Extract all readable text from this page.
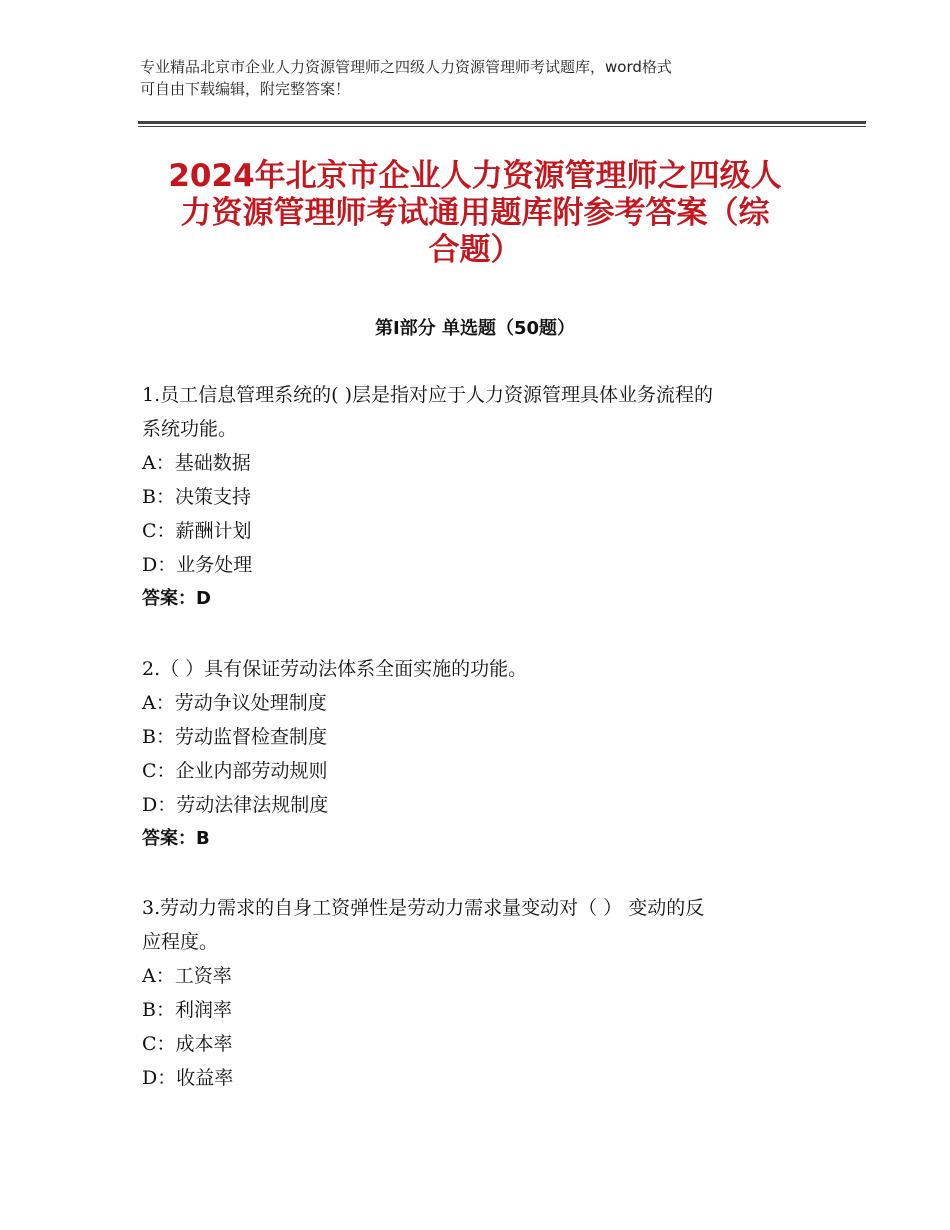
专业精品北京市企业人力资源管理师之四级人力资源管理师考试题库，word格式
可自由下载编辑，附完整答案！
2024年北京市企业人力资源管理师之四级人
力资源管理师考试通用题库附参考答案（综
合题）
第Ⅰ部分 单选题（50题）
1.员工信息管理系统的( )层是指对应于人力资源管理具体业务流程的
系统功能。
A：基础数据
B：决策支持
C：薪酬计划
D：业务处理
答案：D
2.（ ）具有保证劳动法体系全面实施的功能。
A：劳动争议处理制度
B：劳动监督检查制度
C：企业内部劳动规则
D：劳动法律法规制度
答案：B
3.劳动力需求的自身工资弹性是劳动力需求量变动对（ ） 变动的反
应程度。
A：工资率
B：利润率
C：成本率
D：收益率
